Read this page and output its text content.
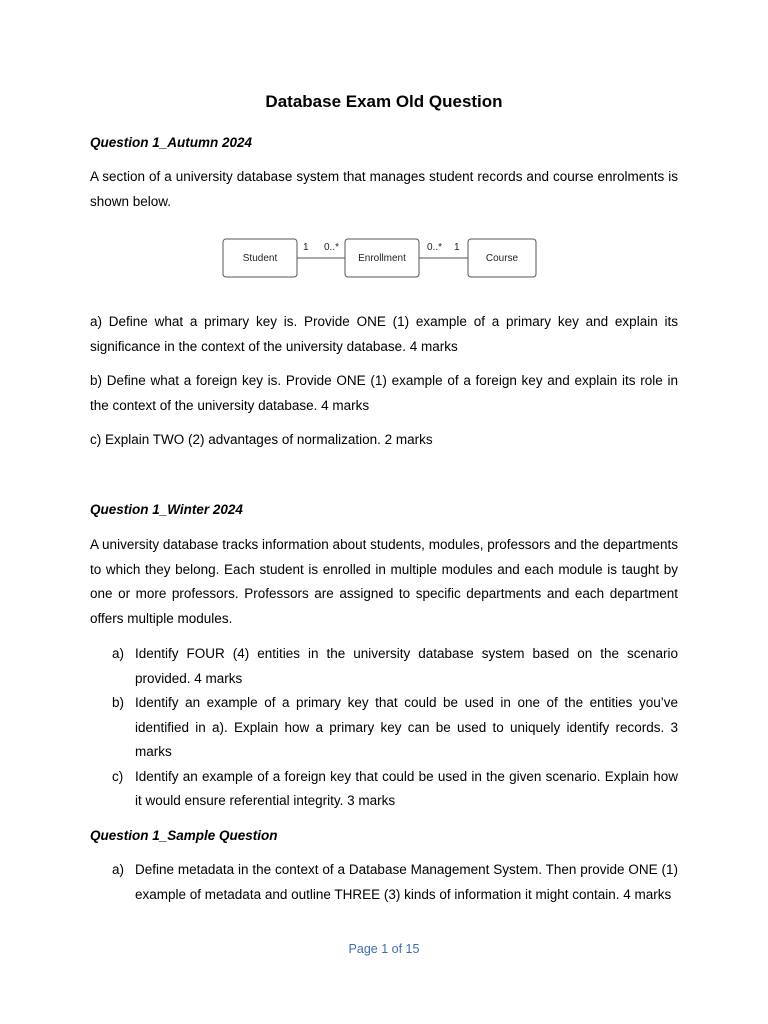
Database Exam Old Question
Question 1_Autumn 2024
A section of a university database system that manages student records and course enrolments is shown below.
Student
1 0..*
Enrollment
0..* 1
Course
a) Define what a primary key is. Provide ONE (1) example of a primary key and explain its significance in the context of the university database. 4 marks
b) Define what a foreign key is. Provide ONE (1) example of a foreign key and explain its role in the context of the university database. 4 marks
c) Explain TWO (2) advantages of normalization. 2 marks
Question 1_Winter 2024
A university database tracks information about students, modules, professors and the departments to which they belong. Each student is enrolled in multiple modules and each module is taught by one or more professors. Professors are assigned to specific departments and each department offers multiple modules.
a) Identify FOUR (4) entities in the university database system based on the scenario provided. 4 marks
b) Identify an example of a primary key that could be used in one of the entities you’ve identified in a). Explain how a primary key can be used to uniquely identify records. 3 marks
c) Identify an example of a foreign key that could be used in the given scenario. Explain how it would ensure referential integrity. 3 marks
Question 1_Sample Question
a) Define metadata in the context of a Database Management System. Then provide ONE (1) example of metadata and outline THREE (3) kinds of information it might contain. 4 marks
Page 1 of 15
